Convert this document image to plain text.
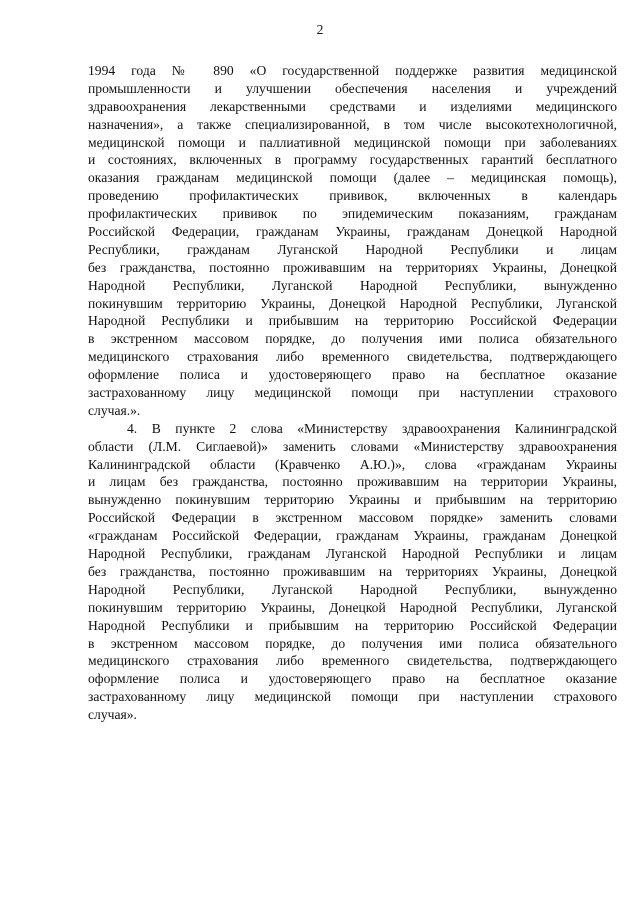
2
1994 года № 890 «О государственной поддержке развития медицинской
промышленности и улучшении обеспечения населения и учреждений
здравоохранения лекарственными средствами и изделиями медицинского
назначения», а также специализированной, в том числе высокотехнологичной,
медицинской помощи и паллиативной медицинской помощи при заболеваниях
и состояниях, включенных в программу государственных гарантий бесплатного
оказания гражданам медицинской помощи (далее – медицинская помощь),
проведению профилактических прививок, включенных в календарь
профилактических прививок по эпидемическим показаниям, гражданам
Российской Федерации, гражданам Украины, гражданам Донецкой Народной
Республики, гражданам Луганской Народной Республики и лицам
без гражданства, постоянно проживавшим на территориях Украины, Донецкой
Народной Республики, Луганской Народной Республики, вынужденно
покинувшим территорию Украины, Донецкой Народной Республики, Луганской
Народной Республики и прибывшим на территорию Российской Федерации
в экстренном массовом порядке, до получения ими полиса обязательного
медицинского страхования либо временного свидетельства, подтверждающего
оформление полиса и удостоверяющего право на бесплатное оказание
застрахованному лицу медицинской помощи при наступлении страхового
случая.».
4. В пункте 2 слова «Министерству здравоохранения Калининградской
области (Л.М. Сиглаевой)» заменить словами «Министерству здравоохранения
Калининградской области (Кравченко А.Ю.)», слова «гражданам Украины
и лицам без гражданства, постоянно проживавшим на территории Украины,
вынужденно покинувшим территорию Украины и прибывшим на территорию
Российской Федерации в экстренном массовом порядке» заменить словами
«гражданам Российской Федерации, гражданам Украины, гражданам Донецкой
Народной Республики, гражданам Луганской Народной Республики и лицам
без гражданства, постоянно проживавшим на территориях Украины, Донецкой
Народной Республики, Луганской Народной Республики, вынужденно
покинувшим территорию Украины, Донецкой Народной Республики, Луганской
Народной Республики и прибывшим на территорию Российской Федерации
в экстренном массовом порядке, до получения ими полиса обязательного
медицинского страхования либо временного свидетельства, подтверждающего
оформление полиса и удостоверяющего право на бесплатное оказание
застрахованному лицу медицинской помощи при наступлении страхового
случая».
